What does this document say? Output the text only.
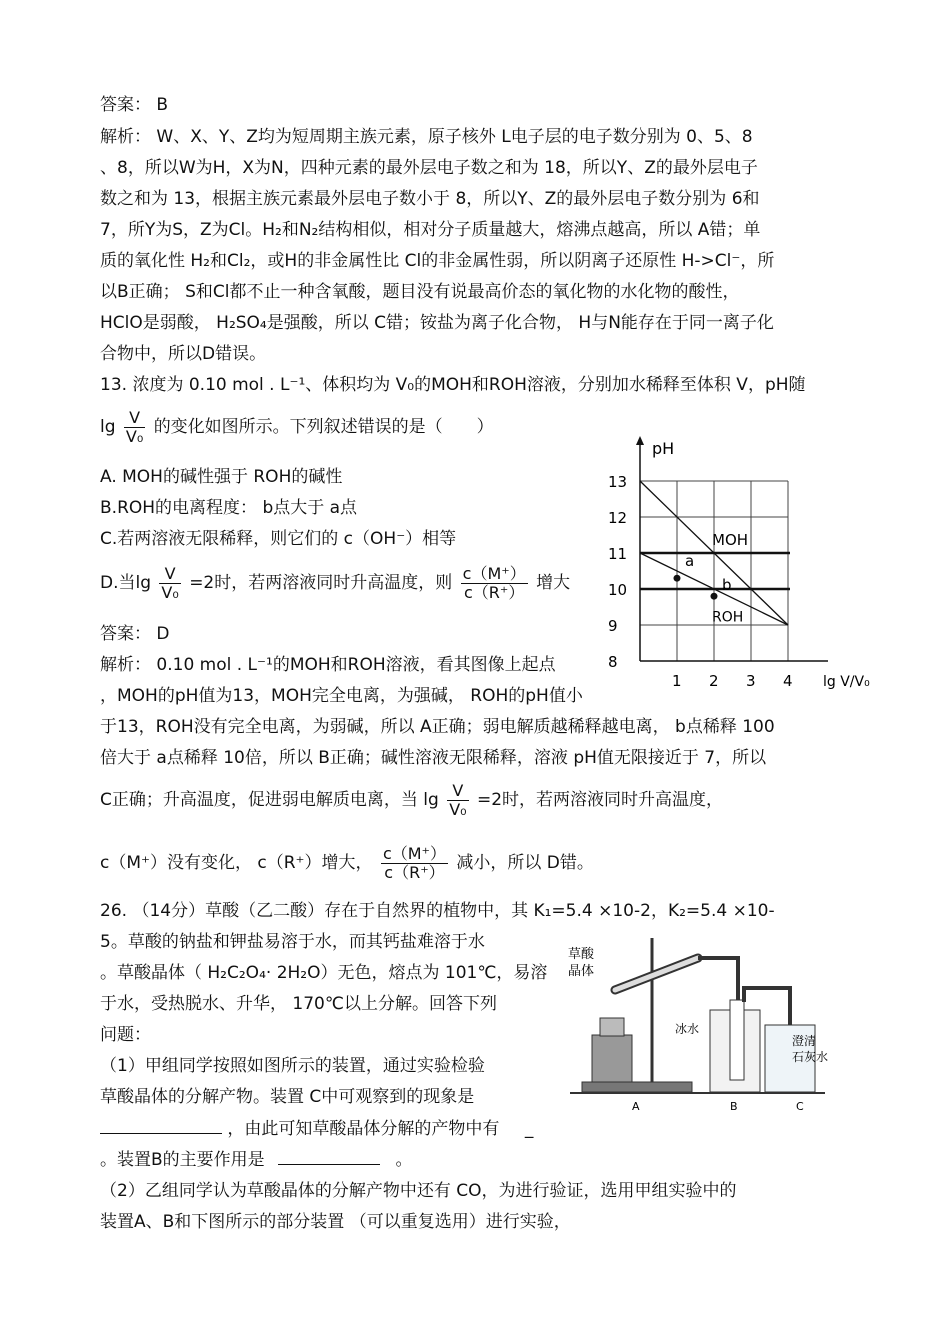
答案： B
解析： W、X、Y、Z均为短周期主族元素，原子核外 L电子层的电子数分别为 0、5、8
、8，所以W为H，X为N，四种元素的最外层电子数之和为 18，所以Y、Z的最外层电子
数之和为 13，根据主族元素最外层电子数小于 8，所以Y、Z的最外层电子数分别为 6和
7，所Y为S，Z为Cl。H₂和N₂结构相似，相对分子质量越大，熔沸点越高，所以 A错；单
质的氧化性 H₂和Cl₂，或H的非金属性比 Cl的非金属性弱，所以阴离子还原性 H->Cl⁻，所
以B正确； S和Cl都不止一种含氧酸，题目没有说最高价态的氧化物的水化物的酸性，
HClO是弱酸， H₂SO₄是强酸，所以 C错；铵盐为离子化合物， H与N能存在于同一离子化
合物中，所以D错误。
13. 浓度为 0.10 mol . L⁻¹、体积均为 V₀的MOH和ROH溶液，分别加水稀释至体积 V，pH随
$\lg \frac{V}{\text{V₀}}$ 的变化如图所示。下列叙述错误的是（　　）
A. MOH的碱性强于 ROH的碱性
B.ROH的电离程度： b点大于 a点
C.若两溶液无限稀释，则它们的 c（OH⁻）相等
D.当$\lg \frac{V}{\text{V₀}} =2$时，若两溶液同时升高温度，则 $\frac{c(M^+)}{c(R^+)}$ 增大
答案： D
解析： 0.10 mol . L⁻¹的MOH和ROH溶液，看其图像上起点
，MOH的pH值为13，MOH完全电离，为强碱， ROH的pH值小
于13，ROH没有完全电离，为弱碱，所以 A正确；弱电解质越稀释越电离， b点稀释 100
倍大于 a点稀释 10倍，所以 B正确；碱性溶液无限稀释，溶液 pH值无限接近于 7，所以
C正确；升高温度，促进弱电解质电离，当 $\lg \frac{V}{\text{V₀}} =2$时，若两溶液同时升高温度，
c（M⁺）没有变化， c（R⁺）增大， $\frac{c(M^+)}{c(R^+)}$ 减小，所以 D错。
1 2 3 4
8
9
10
11
12
13
pH
lg V/V₀
a
b
MOH
ROH
26. （14分）草酸（乙二酸）存在于自然界的植物中，其 K₁=5.4 ×10-2，K₂=5.4 ×10-
5。草酸的钠盐和钾盐易溶于水，而其钙盐难溶于水
。草酸晶体（ H₂C₂O₄· 2H₂O）无色，熔点为 101℃，易溶
于水，受热脱水、升华， 170℃以上分解。回答下列
问题：
（1）甲组同学按照如图所示的装置，通过实验检验
草酸晶体的分解产物。装置 C中可观察到的现象是
，由此可知草酸晶体分解的产物中有 _
。装置B的主要作用是	。
（2）乙组同学认为草酸晶体的分解产物中还有 CO，为进行验证，选用甲组实验中的
装置A、B和下图所示的部分装置 （可以重复选用）进行实验，
草酸
晶体
冰水
澄清
石灰水
A	B	C
